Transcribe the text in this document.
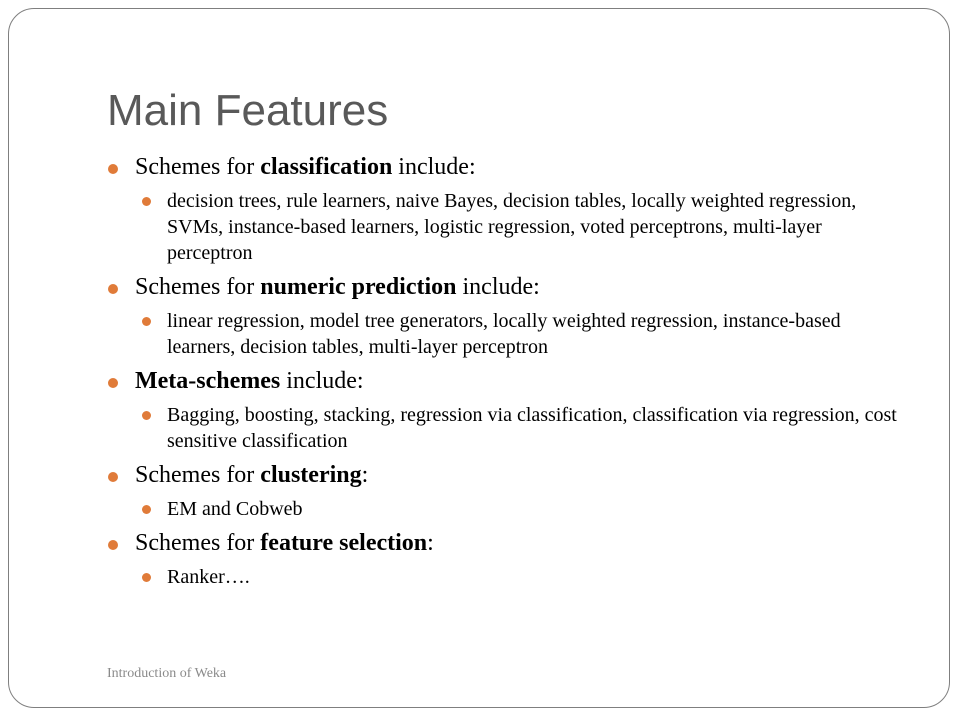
Main Features
Schemes for classification include:
decision trees, rule learners, naive Bayes, decision tables, locally weighted regression, SVMs, instance-based learners, logistic regression, voted perceptrons, multi-layer perceptron
Schemes for numeric prediction include:
linear regression, model tree generators, locally weighted regression, instance-based learners, decision tables, multi-layer perceptron
Meta-schemes include:
Bagging, boosting, stacking, regression via classification, classification via regression, cost sensitive classification
Schemes for clustering:
EM and Cobweb
Schemes for feature selection:
Ranker….
Introduction of Weka
